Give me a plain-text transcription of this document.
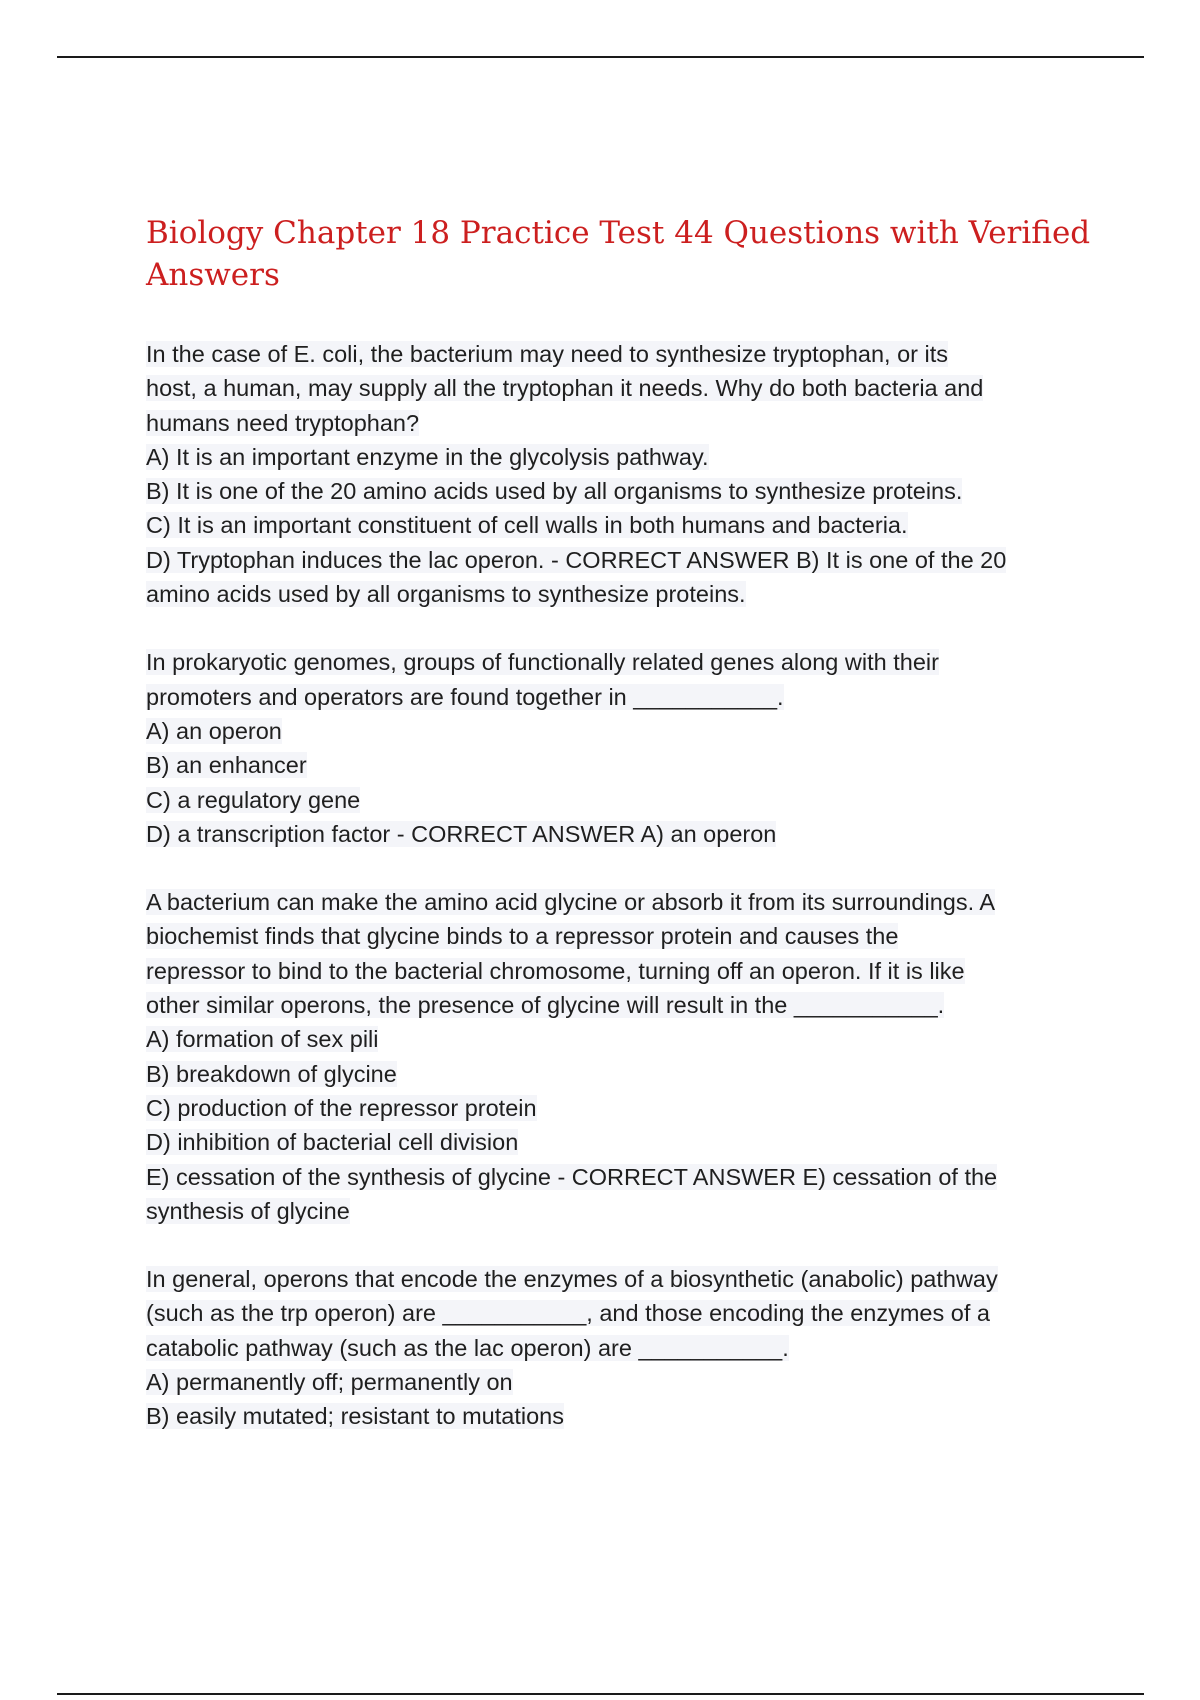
Biology Chapter 18 Practice Test 44 Questions with Verified
Answers
In the case of E. coli, the bacterium may need to synthesize tryptophan, or its
host, a human, may supply all the tryptophan it needs. Why do both bacteria and
humans need tryptophan?
A) It is an important enzyme in the glycolysis pathway.
B) It is one of the 20 amino acids used by all organisms to synthesize proteins.
C) It is an important constituent of cell walls in both humans and bacteria.
D) Tryptophan induces the lac operon. - CORRECT ANSWER B) It is one of the 20
amino acids used by all organisms to synthesize proteins.
In prokaryotic genomes, groups of functionally related genes along with their
promoters and operators are found together in ___________.
A) an operon
B) an enhancer
C) a regulatory gene
D) a transcription factor - CORRECT ANSWER A) an operon
A bacterium can make the amino acid glycine or absorb it from its surroundings. A
biochemist finds that glycine binds to a repressor protein and causes the
repressor to bind to the bacterial chromosome, turning off an operon. If it is like
other similar operons, the presence of glycine will result in the ___________.
A) formation of sex pili
B) breakdown of glycine
C) production of the repressor protein
D) inhibition of bacterial cell division
E) cessation of the synthesis of glycine - CORRECT ANSWER E) cessation of the
synthesis of glycine
In general, operons that encode the enzymes of a biosynthetic (anabolic) pathway
(such as the trp operon) are ___________, and those encoding the enzymes of a
catabolic pathway (such as the lac operon) are ___________.
A) permanently off; permanently on
B) easily mutated; resistant to mutations
